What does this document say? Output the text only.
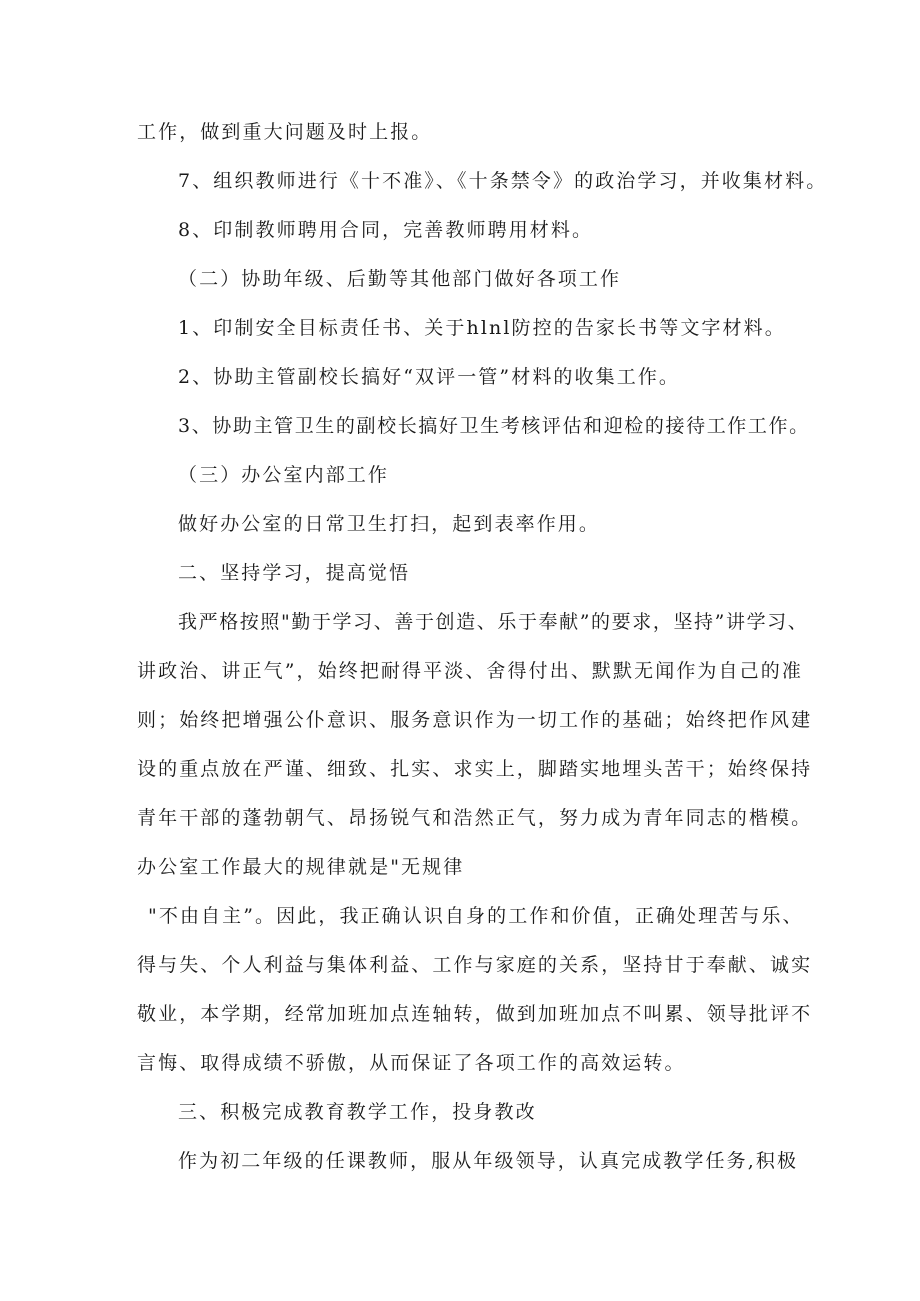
工作，做到重大问题及时上报。
7、组织教师进行《十不准》、《十条禁令》的政治学习，并收集材料。
8、印制教师聘用合同，完善教师聘用材料。
（二）协助年级、后勤等其他部门做好各项工作
1、印制安全目标责任书、关于hlnl防控的告家长书等文字材料。
2、协助主管副校长搞好“双评一管”材料的收集工作。
3、协助主管卫生的副校长搞好卫生考核评估和迎检的接待工作工作。
（三）办公室内部工作
做好办公室的日常卫生打扫，起到表率作用。
二、坚持学习，提高觉悟
我严格按照"勤于学习、善于创造、乐于奉献”的要求，坚持”讲学习、
讲政治、讲正气”，始终把耐得平淡、舍得付出、默默无闻作为自己的准
则；始终把增强公仆意识、服务意识作为一切工作的基础；始终把作风建
设的重点放在严谨、细致、扎实、求实上，脚踏实地埋头苦干；始终保持
青年干部的蓬勃朝气、昂扬锐气和浩然正气，努力成为青年同志的楷模。
办公室工作最大的规律就是"无规律
"不由自主”。因此，我正确认识自身的工作和价值，正确处理苦与乐、
得与失、个人利益与集体利益、工作与家庭的关系，坚持甘于奉献、诚实
敬业，本学期，经常加班加点连轴转，做到加班加点不叫累、领导批评不
言悔、取得成绩不骄傲，从而保证了各项工作的高效运转。
三、积极完成教育教学工作，投身教改
作为初二年级的任课教师，服从年级领导，认真完成教学任务,积极
